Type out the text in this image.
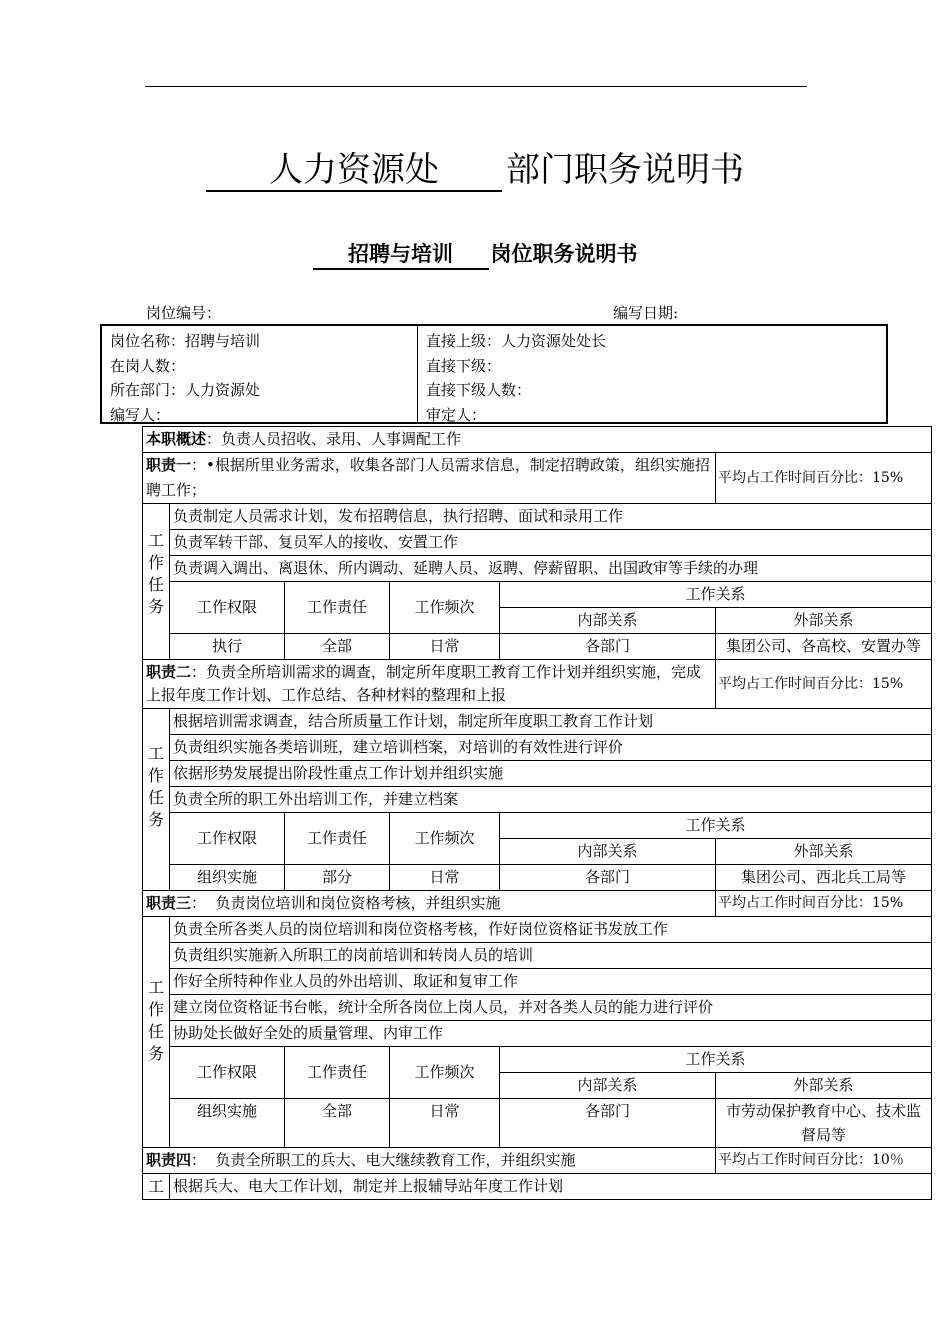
人力资源处 部门职务说明书
招聘与培训 岗位职务说明书
岗位编号：	编写日期:
岗位名称：招聘与培训
在岗人数：
所在部门：人力资源处
编写人：
直接上级：人力资源处处长
直接下级：
直接下级人数：
审定人：
本职概述：负责人员招收、录用、人事调配工作					
职责一：•根据所里业务需求，收集各部门人员需求信息，制定招聘政策，组织实施招聘工作；					平均占工作时间百分比：15%

工
作
任
务	负责制定人员需求计划，发布招聘信息，执行招聘、面试和录用工作				
	负责军转干部、复员军人的接收、安置工作				
	负责调入调出、离退休、所内调动、延聘人员、返聘、停薪留职、出国政审等手续的办理				
	工作权限	工作责任	工作频次	工作关系	
				内部关系	外部关系
	执行	全部	日常	各部门	集团公司、各高校、安置办等
职责二：负责全所培训需求的调查，制定所年度职工教育工作计划并组织实施，完成上报年度工作计划、工作总结、各种材料的整理和上报					平均占工作时间百分比：15%

工
作
任
务	根据培训需求调查，结合所质量工作计划，制定所年度职工教育工作计划				
	负责组织实施各类培训班，建立培训档案，对培训的有效性进行评价				
	依据形势发展提出阶段性重点工作计划并组织实施				
	负责全所的职工外出培训工作，并建立档案				
	工作权限	工作责任	工作频次	工作关系	
				内部关系	外部关系
	组织实施	部分	日常	各部门	集团公司、西北兵工局等
职责三：  负责岗位培训和岗位资格考核，并组织实施					平均占工作时间百分比：15%

工
作
任
务	负责全所各类人员的岗位培训和岗位资格考核，作好岗位资格证书发放工作				
	负责组织实施新入所职工的岗前培训和转岗人员的培训				
	作好全所特种作业人员的外出培训、取证和复审工作				
	建立岗位资格证书台帐，统计全所各岗位上岗人员，并对各类人员的能力进行评价				
	协助处长做好全处的质量管理、内审工作				
	工作权限	工作责任	工作频次	工作关系	
				内部关系	外部关系
	组织实施	全部	日常	各部门	市劳动保护教育中心、技术监督局等
职责四：  负责全所职工的兵大、电大继续教育工作，并组织实施					平均占工作时间百分比：10％

工	根据兵大、电大工作计划，制定并上报辅导站年度工作计划				
